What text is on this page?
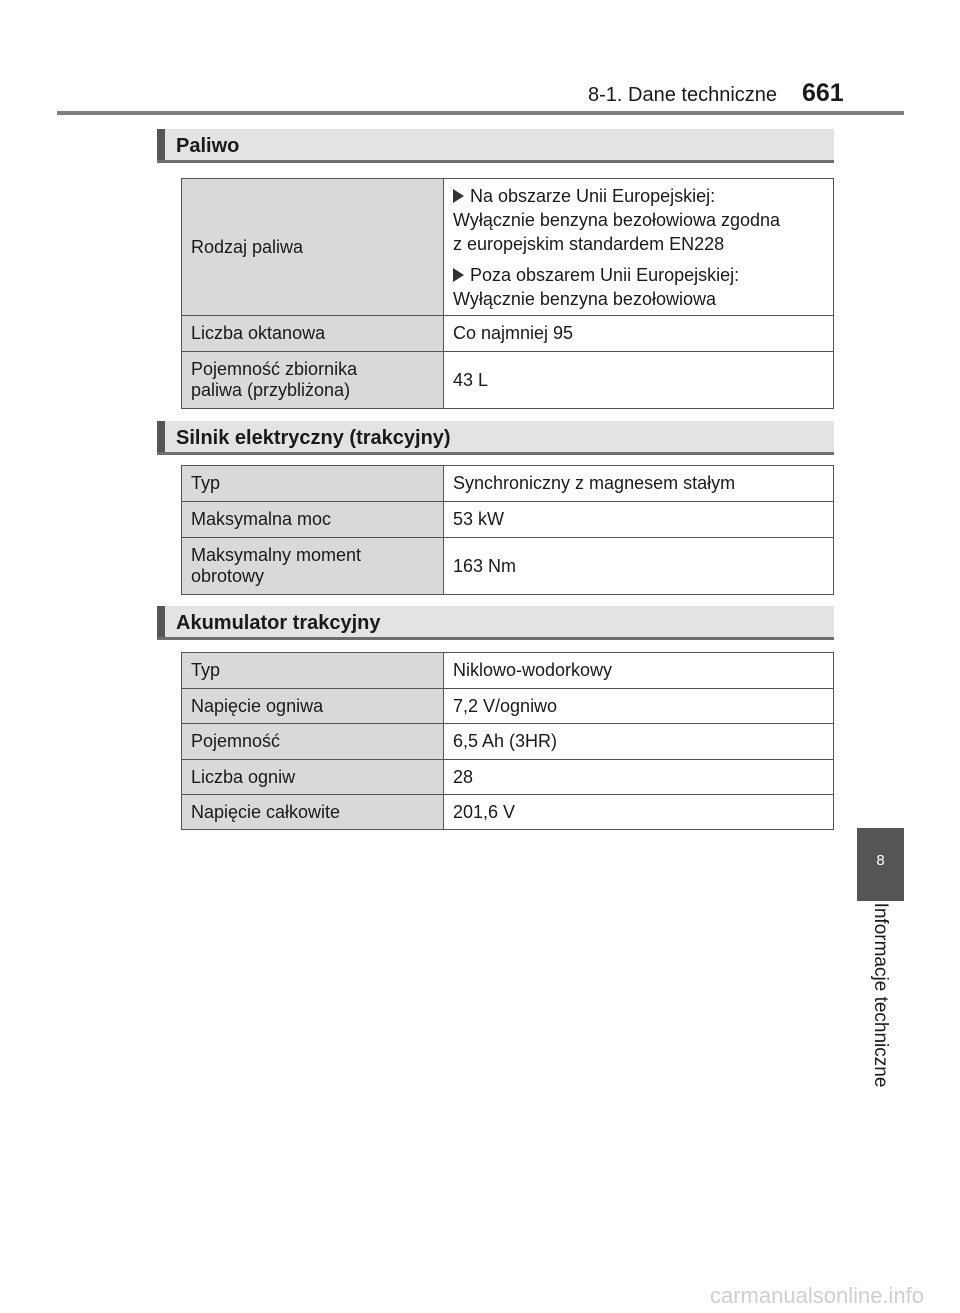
8-1. Dane techniczne 661
Paliwo
Rodzaj paliwa	Na obszarze Unii Europejskiej:
Wyłącznie benzyna bezołowiowa zgodna
z europejskim standardem EN228
Poza obszarem Unii Europejskiej:
Wyłącznie benzyna bezołowiowa

Liczba oktanowa	Co najmniej 95
Pojemność zbiornika
paliwa (przybliżona)	43 L
Silnik elektryczny (trakcyjny)
Typ	Synchroniczny z magnesem stałym
Maksymalna moc	53 kW
Maksymalny moment
obrotowy	163 Nm
Akumulator trakcyjny
Typ	Niklowo-wodorkowy
Napięcie ogniwa	7,2 V/ogniwo
Pojemność	6,5 Ah (3HR)
Liczba ogniw	28
Napięcie całkowite	201,6 V
8
Informacje techniczne
carmanualsonline.info
